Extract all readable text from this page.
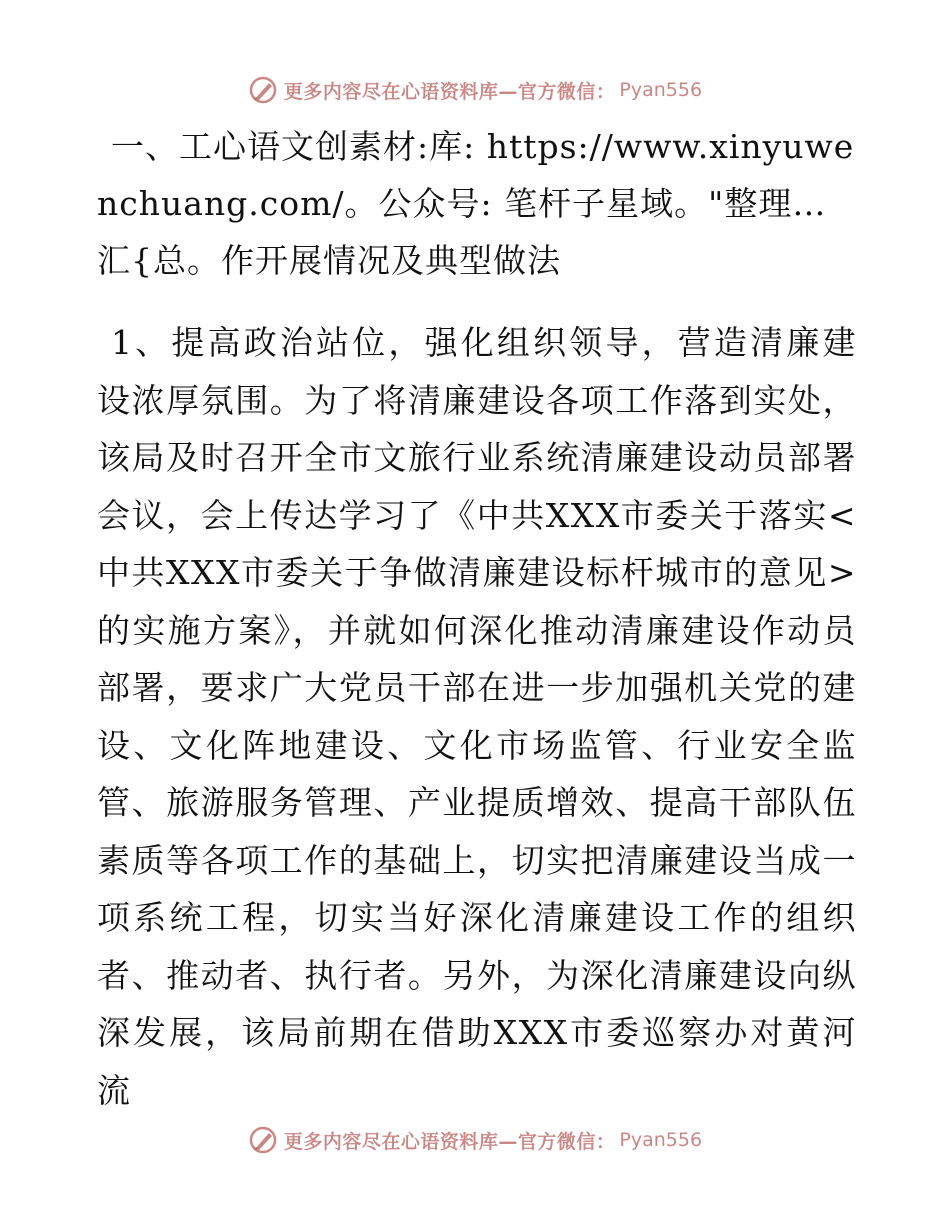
更多内容尽在心语资料库—官方微信： Pyan556

一、工心语文创素材:库: https://www.xinyuwenchuang.com/。公众号: 笔杆子星域。"整理…汇{总。作开展情况及典型做法

1、提高政治站位，强化组织领导，营造清廉建设浓厚氛围。为了将清廉建设各项工作落到实处，该局及时召开全市文旅行业系统清廉建设动员部署会议，会上传达学习了《中共XXX市委关于落实<中共XXX市委关于争做清廉建设标杆城市的意见>的实施方案》，并就如何深化推动清廉建设作动员部署，要求广大党员干部在进一步加强机关党的建设、文化阵地建设、文化市场监管、行业安全监管、旅游服务管理、产业提质增效、提高干部队伍素质等各项工作的基础上，切实把清廉建设当成一项系统工程，切实当好深化清廉建设工作的组织者、推动者、执行者。另外，为深化清廉建设向纵深发展，该局前期在借助XXX市委巡察办对黄河流

更多内容尽在心语资料库—官方微信： Pyan556
